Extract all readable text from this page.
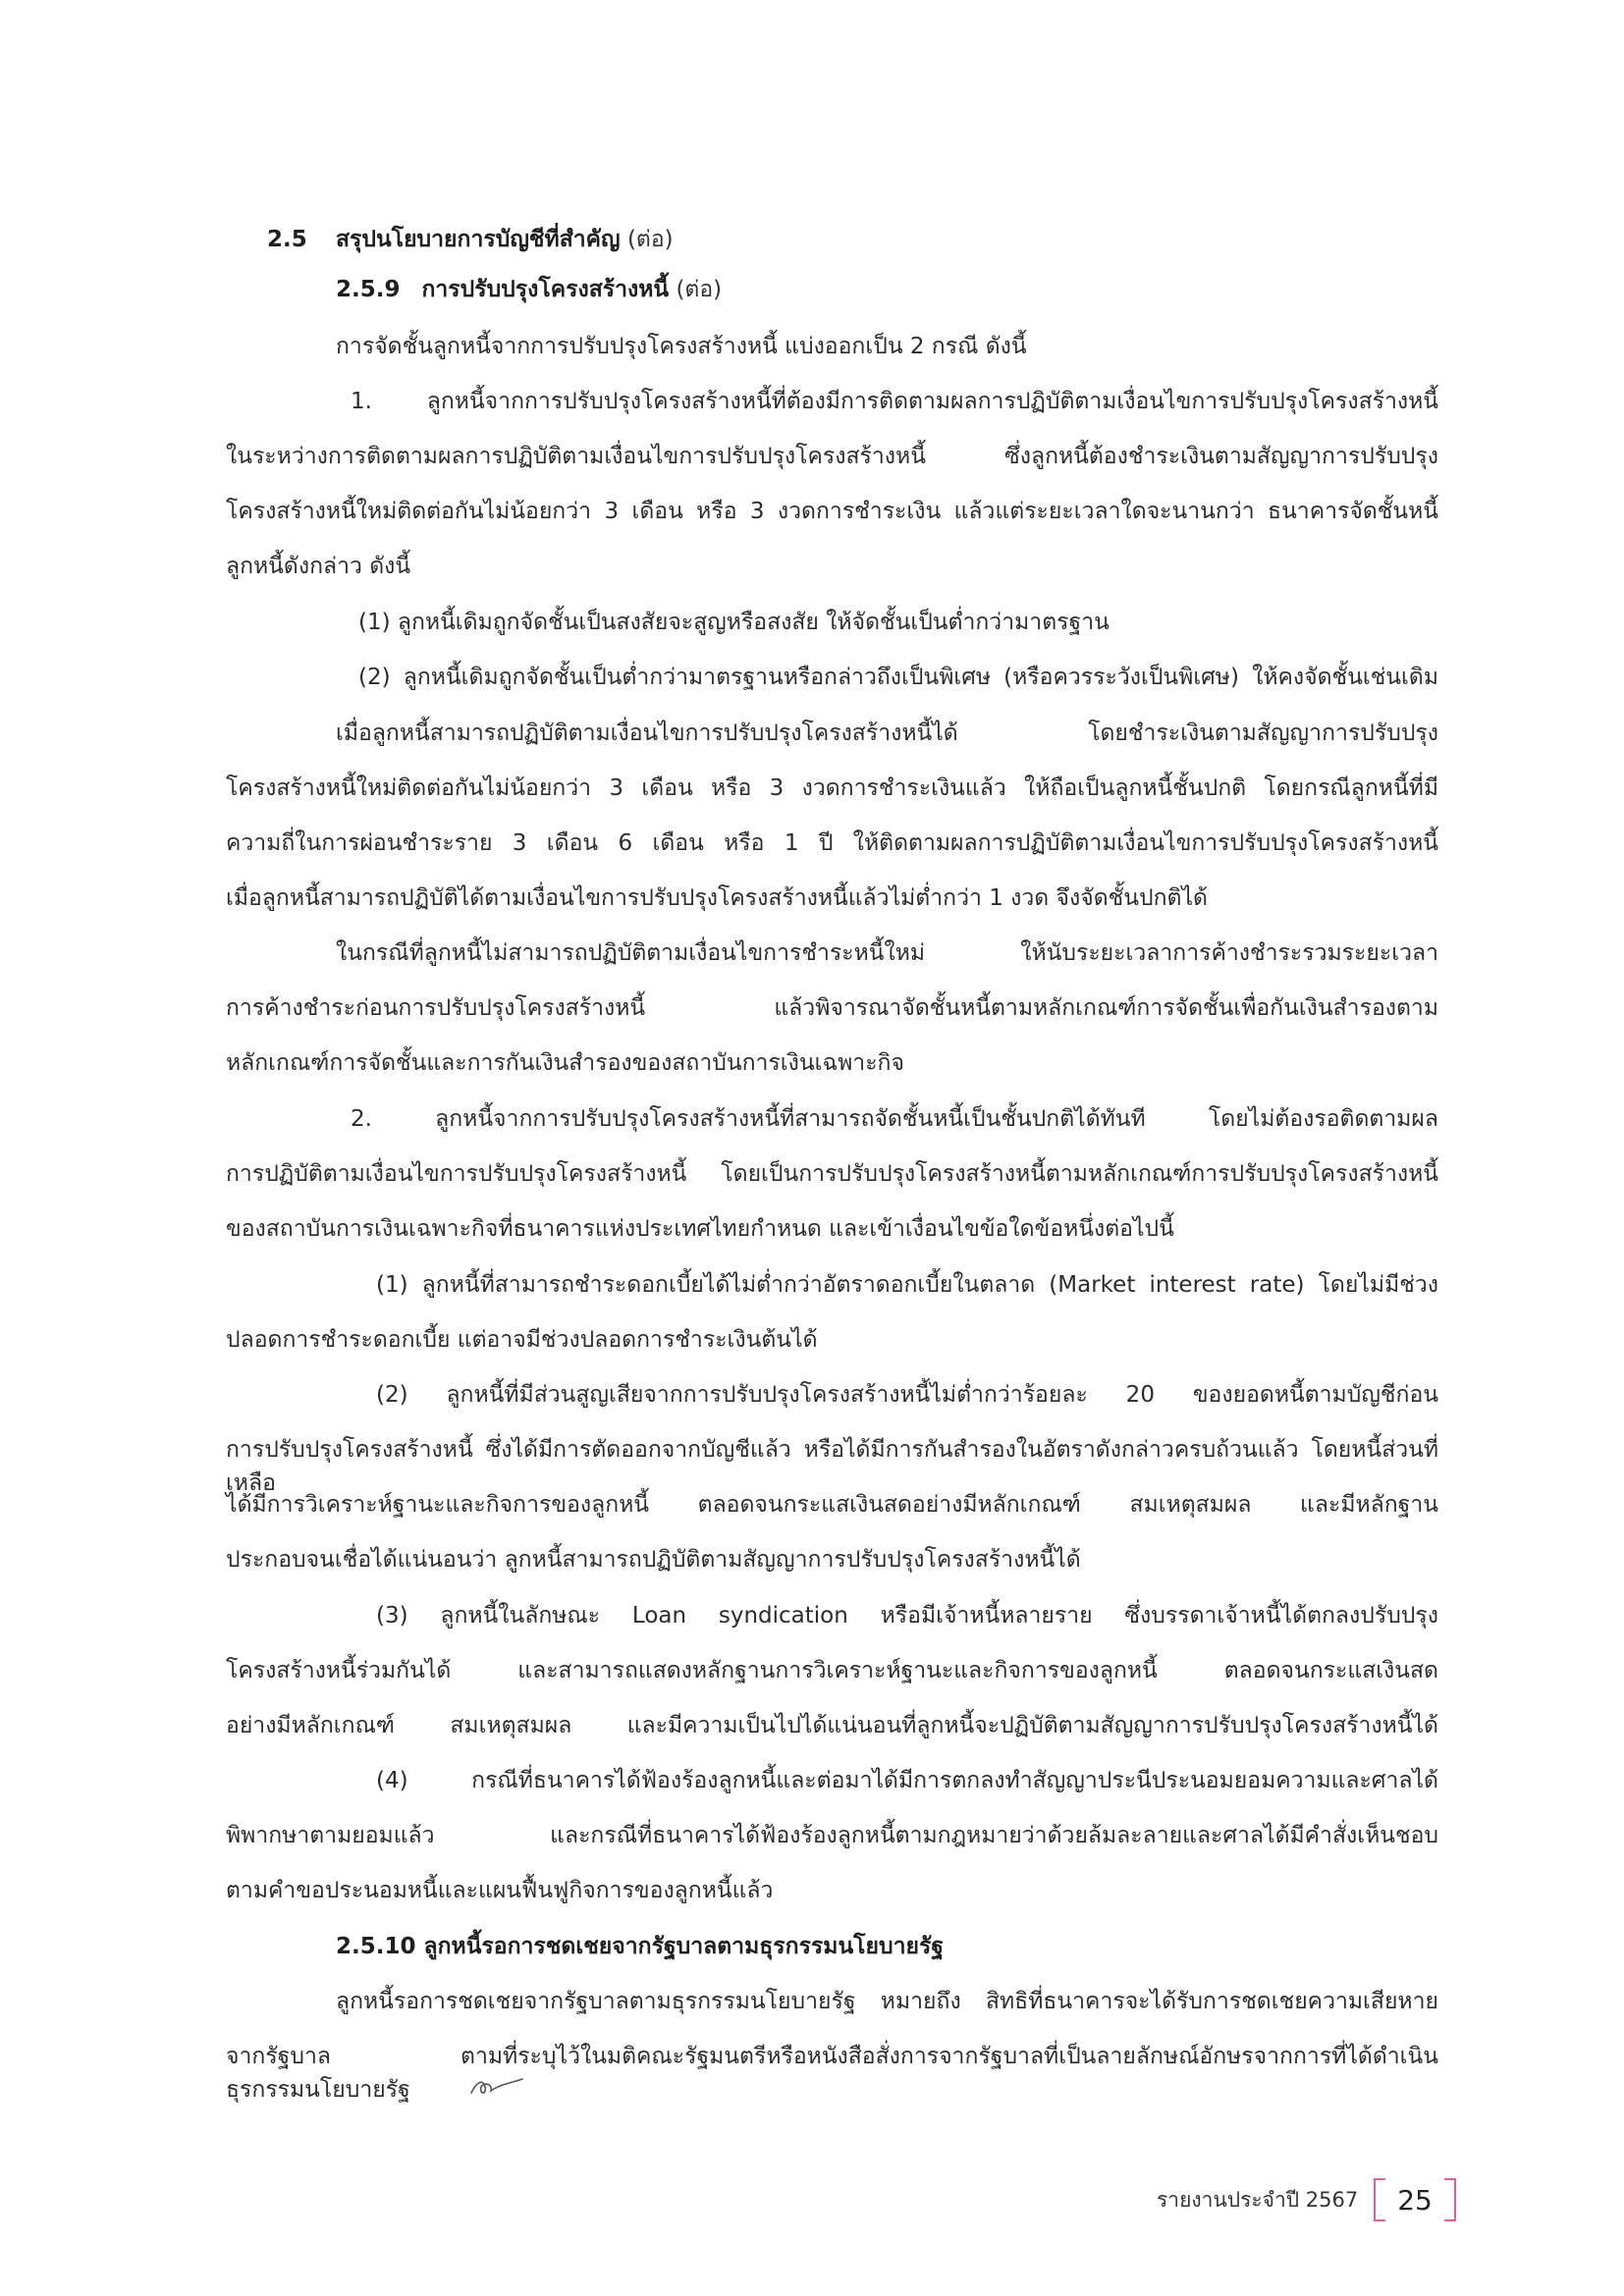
2.5 สรุปนโยบายการบัญชีที่สำคัญ (ต่อ)
2.5.9 การปรับปรุงโครงสร้างหนี้ (ต่อ)
การจัดชั้นลูกหนี้จากการปรับปรุงโครงสร้างหนี้ แบ่งออกเป็น 2 กรณี ดังนี้
1. ลูกหนี้จากการปรับปรุงโครงสร้างหนี้ที่ต้องมีการติดตามผลการปฏิบัติตามเงื่อนไขการปรับปรุงโครงสร้างหนี้
ในระหว่างการติดตามผลการปฏิบัติตามเงื่อนไขการปรับปรุงโครงสร้างหนี้ ซึ่งลูกหนี้ต้องชำระเงินตามสัญญาการปรับปรุง
โครงสร้างหนี้ใหม่ติดต่อกันไม่น้อยกว่า 3 เดือน หรือ 3 งวดการชำระเงิน แล้วแต่ระยะเวลาใดจะนานกว่า ธนาคารจัดชั้นหนี้
ลูกหนี้ดังกล่าว ดังนี้
(1) ลูกหนี้เดิมถูกจัดชั้นเป็นสงสัยจะสูญหรือสงสัย ให้จัดชั้นเป็นต่ำกว่ามาตรฐาน
(2) ลูกหนี้เดิมถูกจัดชั้นเป็นต่ำกว่ามาตรฐานหรือกล่าวถึงเป็นพิเศษ (หรือควรระวังเป็นพิเศษ) ให้คงจัดชั้นเช่นเดิม
เมื่อลูกหนี้สามารถปฏิบัติตามเงื่อนไขการปรับปรุงโครงสร้างหนี้ได้ โดยชำระเงินตามสัญญาการปรับปรุง
โครงสร้างหนี้ใหม่ติดต่อกันไม่น้อยกว่า 3 เดือน หรือ 3 งวดการชำระเงินแล้ว ให้ถือเป็นลูกหนี้ชั้นปกติ โดยกรณีลูกหนี้ที่มี
ความถี่ในการผ่อนชำระราย 3 เดือน 6 เดือน หรือ 1 ปี ให้ติดตามผลการปฏิบัติตามเงื่อนไขการปรับปรุงโครงสร้างหนี้
เมื่อลูกหนี้สามารถปฏิบัติได้ตามเงื่อนไขการปรับปรุงโครงสร้างหนี้แล้วไม่ต่ำกว่า 1 งวด จึงจัดชั้นปกติได้
ในกรณีที่ลูกหนี้ไม่สามารถปฏิบัติตามเงื่อนไขการชำระหนี้ใหม่ ให้นับระยะเวลาการค้างชำระรวมระยะเวลา
การค้างชำระก่อนการปรับปรุงโครงสร้างหนี้ แล้วพิจารณาจัดชั้นหนี้ตามหลักเกณฑ์การจัดชั้นเพื่อกันเงินสำรองตาม
หลักเกณฑ์การจัดชั้นและการกันเงินสำรองของสถาบันการเงินเฉพาะกิจ
2. ลูกหนี้จากการปรับปรุงโครงสร้างหนี้ที่สามารถจัดชั้นหนี้เป็นชั้นปกติได้ทันที โดยไม่ต้องรอติดตามผล
การปฏิบัติตามเงื่อนไขการปรับปรุงโครงสร้างหนี้ โดยเป็นการปรับปรุงโครงสร้างหนี้ตามหลักเกณฑ์การปรับปรุงโครงสร้างหนี้
ของสถาบันการเงินเฉพาะกิจที่ธนาคารแห่งประเทศไทยกำหนด และเข้าเงื่อนไขข้อใดข้อหนึ่งต่อไปนี้
(1) ลูกหนี้ที่สามารถชำระดอกเบี้ยได้ไม่ต่ำกว่าอัตราดอกเบี้ยในตลาด (Market interest rate) โดยไม่มีช่วง
ปลอดการชำระดอกเบี้ย แต่อาจมีช่วงปลอดการชำระเงินต้นได้
(2) ลูกหนี้ที่มีส่วนสูญเสียจากการปรับปรุงโครงสร้างหนี้ไม่ต่ำกว่าร้อยละ 20 ของยอดหนี้ตามบัญชีก่อน
การปรับปรุงโครงสร้างหนี้ ซึ่งได้มีการตัดออกจากบัญชีแล้ว หรือได้มีการกันสำรองในอัตราดังกล่าวครบถ้วนแล้ว โดยหนี้ส่วนที่เหลือ
ได้มีการวิเคราะห์ฐานะและกิจการของลูกหนี้ ตลอดจนกระแสเงินสดอย่างมีหลักเกณฑ์ สมเหตุสมผล และมีหลักฐาน
ประกอบจนเชื่อได้แน่นอนว่า ลูกหนี้สามารถปฏิบัติตามสัญญาการปรับปรุงโครงสร้างหนี้ได้
(3) ลูกหนี้ในลักษณะ Loan syndication หรือมีเจ้าหนี้หลายราย ซึ่งบรรดาเจ้าหนี้ได้ตกลงปรับปรุง
โครงสร้างหนี้ร่วมกันได้ และสามารถแสดงหลักฐานการวิเคราะห์ฐานะและกิจการของลูกหนี้ ตลอดจนกระแสเงินสด
อย่างมีหลักเกณฑ์ สมเหตุสมผล และมีความเป็นไปได้แน่นอนที่ลูกหนี้จะปฏิบัติตามสัญญาการปรับปรุงโครงสร้างหนี้ได้
(4) กรณีที่ธนาคารได้ฟ้องร้องลูกหนี้และต่อมาได้มีการตกลงทำสัญญาประนีประนอมยอมความและศาลได้
พิพากษาตามยอมแล้ว และกรณีที่ธนาคารได้ฟ้องร้องลูกหนี้ตามกฎหมายว่าด้วยล้มละลายและศาลได้มีคำสั่งเห็นชอบ
ตามคำขอประนอมหนี้และแผนฟื้นฟูกิจการของลูกหนี้แล้ว
2.5.10 ลูกหนี้รอการชดเชยจากรัฐบาลตามธุรกรรมนโยบายรัฐ
ลูกหนี้รอการชดเชยจากรัฐบาลตามธุรกรรมนโยบายรัฐ หมายถึง สิทธิที่ธนาคารจะได้รับการชดเชยความเสียหาย
จากรัฐบาล ตามที่ระบุไว้ในมติคณะรัฐมนตรีหรือหนังสือสั่งการจากรัฐบาลที่เป็นลายลักษณ์อักษรจากการที่ได้ดำเนิน
ธุรกรรมนโยบายรัฐ
รายงานประจำปี 2567	25
